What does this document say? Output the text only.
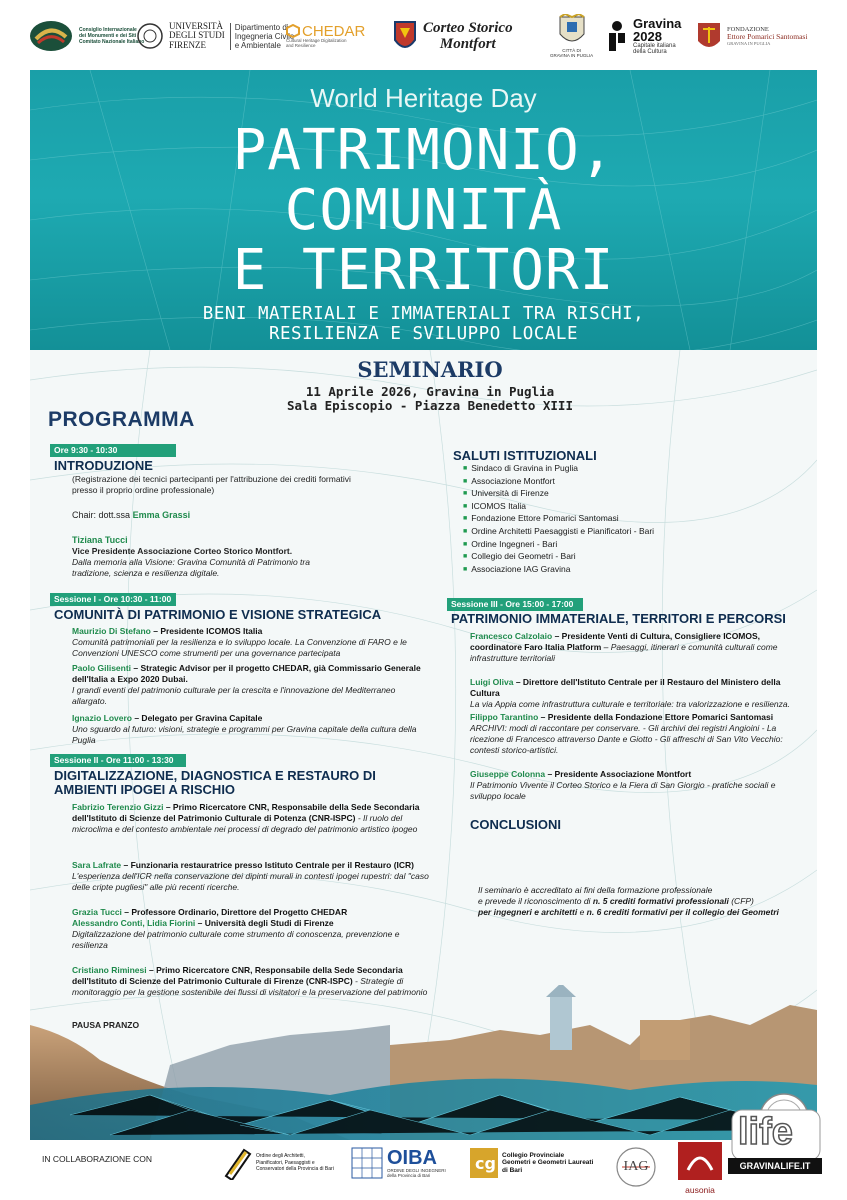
Consiglio Internazionale
dei Monumenti e dei Siti
Comitato Nazionale Italiano
UNIVERSITÀ
DEGLI STUDI
FIRENZE
Dipartimento di
Ingegneria Civile
e Ambientale
CHEDAR
Cultural Heritage Digitalization
and Resilience
Corteo Storico
Montfort	CITTÀ DI
GRAVINA IN PUGLIA
Gravina
2028
Capitale italiana
della Cultura
FONDAZIONE
Ettore Pomarici Santomasi
GRAVINA IN PUGLIA
World Heritage Day
PATRIMONIO,
COMUNITÀ
E TERRITORI
BENI MATERIALI E IMMATERIALI TRA RISCHI,
RESILIENZA E SVILUPPO LOCALE
SEMINARIO
11 Aprile 2026, Gravina in Puglia
Sala Episcopio - Piazza Benedetto XIII
PROGRAMMA
Ore 9:30 - 10:30
INTRODUZIONE
(Registrazione dei tecnici partecipanti per l'attribuzione dei crediti formativi presso il proprio ordine professionale)
Chair: dott.ssa Emma Grassi
Tiziana Tucci
Vice Presidente Associazione Corteo Storico Montfort.
Dalla memoria alla Visione: Gravina Comunità di Patrimonio tra tradizione, scienza e resilienza digitale.
Sessione I - Ore 10:30 - 11:00
COMUNITÀ DI PATRIMONIO E VISIONE STRATEGICA
Maurizio Di Stefano – Presidente ICOMOS Italia
Comunità patrimoniali per la resilienza e lo sviluppo locale. La Convenzione di FARO e le Convenzioni UNESCO come strumenti per una governance partecipata
Paolo Gilisenti – Strategic Advisor per il progetto CHEDAR, già Commissario Generale dell'Italia a Expo 2020 Dubai.
I grandi eventi del patrimonio culturale per la crescita e l'innovazione del Mediterraneo allargato.
Ignazio Lovero – Delegato per Gravina Capitale
Uno sguardo al futuro: visioni, strategie e programmi per Gravina capitale della cultura della Puglia
Sessione II - Ore 11:00 - 13:30
DIGITALIZZAZIONE, DIAGNOSTICA E RESTAURO DI
AMBIENTI IPOGEI A RISCHIO
Fabrizio Terenzio Gizzi – Primo Ricercatore CNR, Responsabile della Sede Secondaria dell'Istituto di Scienze del Patrimonio Culturale di Potenza (CNR-ISPC) - Il ruolo del microclima e del contesto ambientale nei processi di degrado del patrimonio artistico ipogeo
Sara Lafrate – Funzionaria restauratrice presso Istituto Centrale per il Restauro (ICR)
L'esperienza dell'ICR nella conservazione dei dipinti murali in contesti ipogei rupestri: dal "caso delle cripte pugliesi" alle più recenti ricerche.
Grazia Tucci – Professore Ordinario, Direttore del Progetto CHEDAR
Alessandro Conti, Lidia Fiorini – Università degli Studi di Firenze
Digitalizzazione del patrimonio culturale come strumento di conoscenza, prevenzione e resilienza
Cristiano Riminesi – Primo Ricercatore CNR, Responsabile della Sede Secondaria dell'Istituto di Scienze del Patrimonio Culturale di Firenze (CNR-ISPC) - Strategie di monitoraggio per la gestione sostenibile dei flussi di visitatori e la preservazione del patrimonio
PAUSA PRANZO
SALUTI ISTITUZIONALI
■ Sindaco di Gravina in Puglia
■ Associazione Montfort
■ Università di Firenze
■ ICOMOS Italia
■ Fondazione Ettore Pomarici Santomasi
■ Ordine Architetti Paesaggisti e Pianificatori - Bari
■ Ordine Ingegneri - Bari
■ Collegio dei Geometri - Bari
■ Associazione IAG Gravina
Sessione III - Ore 15:00 - 17:00
PATRIMONIO IMMATERIALE, TERRITORI E PERCORSI
Francesco Calzolaio – Presidente Venti di Cultura, Consigliere ICOMOS, coordinatore Faro Italia Platform – Paesaggi, itinerari e comunità culturali come infrastrutture territoriali
Luigi Oliva – Direttore dell'Istituto Centrale per il Restauro del Ministero della Cultura
La via Appia come infrastruttura culturale e territoriale: tra valorizzazione e resilienza.
Filippo Tarantino – Presidente della Fondazione Ettore Pomarici Santomasi
ARCHIVI: modi di raccontare per conservare. - Gli archivi dei registri Angioini - La ricezione di Francesco attraverso Dante e Giotto - Gli affreschi di San Vito Vecchio: contesti storico-artistici.
Giuseppe Colonna – Presidente Associazione Montfort
Il Patrimonio Vivente il Corteo Storico e la Fiera di San Giorgio - pratiche sociali e sviluppo locale
CONCLUSIONI
Il seminario è accreditato ai fini della formazione professionale
e prevede il riconoscimento di n. 5 crediti formativi professionali (CFP)
per ingegneri e architetti e n. 6 crediti formativi per il collegio dei Geometri
IN COLLABORAZIONE CON	Ordine degli Architetti,
Pianificatori, Paesaggisti e
Conservatori della Provincia di Bari
OIBA
ORDINE DEGLI INGEGNERI
della Provincia di Bari
cg Collegio Provinciale
Geometri e Geometri Laureati
di Bari	IAG
ausonia
life
GRAVINALIFE.IT
